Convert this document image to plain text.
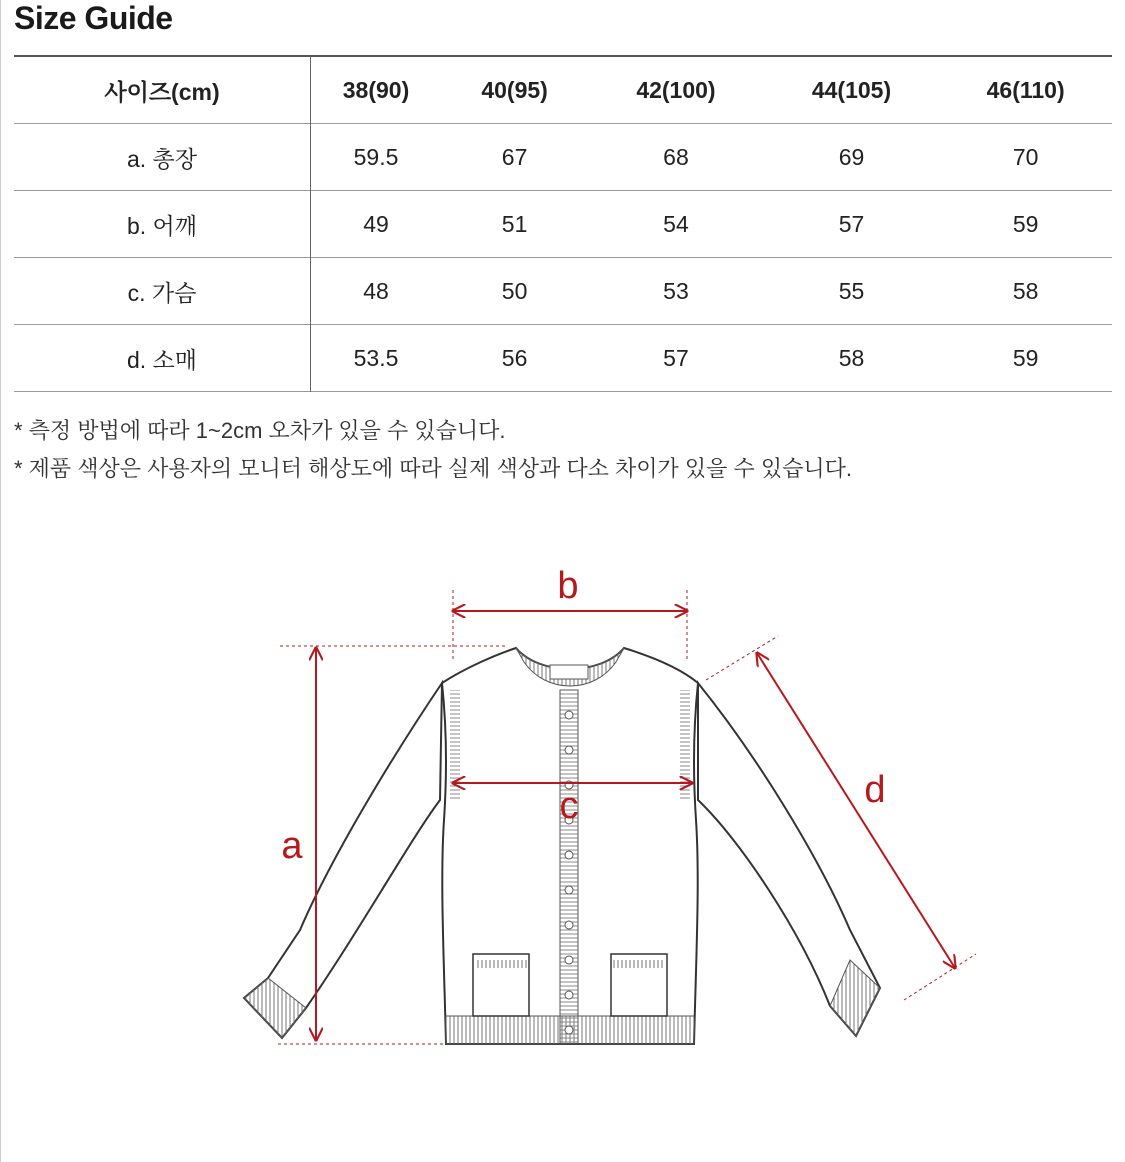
Size Guide
사이즈(cm)	38(90)	40(95)	42(100)	44(105)	46(110)
a. 총장	59.5	67	68	69	70
b. 어깨	49	51	54	57	59
c. 가슴	48	50	53	55	58
d. 소매	53.5	56	57	58	59
* 측정 방법에 따라 1~2cm 오차가 있을 수 있습니다.
* 제품 색상은 사용자의 모니터 해상도에 따라 실제 색상과 다소 차이가 있을 수 있습니다.
a
b
c	d
